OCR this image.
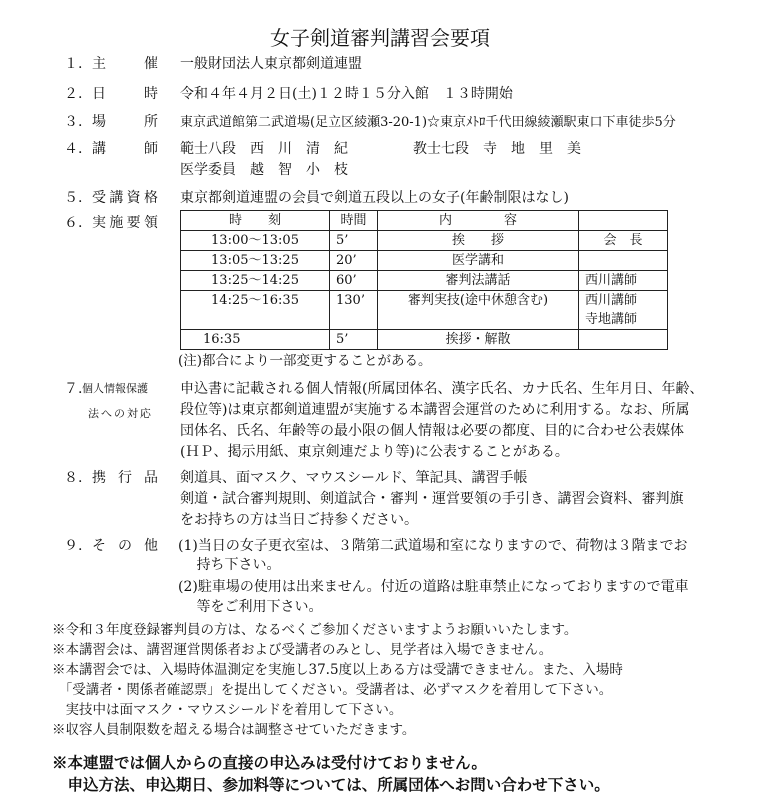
女子剣道審判講習会要項
１. 主	催 一般財団法人東京都剣道連盟
２. 日	時 令和４年４月２日(土)１２時１５分入館　１３時開始
３. 場	所 東京武道館第二武道場(足立区綾瀬3-20-1)☆東京ﾒﾄﾛ千代田線綾瀬駅東口下車徒歩5分
４. 講	師 範士八段　西　川　清　紀	教士七段　寺　地　里　美
医学委員　越　智　小　枝
５. 受 講 資 格 東京都剣道連盟の会員で剣道五段以上の女子(年齢制限はなし)
６. 実 施 要 領	時　　刻	時間	内　　　　容	
13:00～13:05	5’	挨　　拶	会　長
13:05～13:25	20’	医学講和	
13:25～14:25	60’	審判法講話	西川講師
14:25～16:35	130’	審判実技(途中休憩含む)	西川講師
寺地講師

16:35	5’	挨拶・解散	
(注)都合により一部変更することがある。
７. 個人情報保護
法への対応
申込書に記載される個人情報(所属団体名、漢字氏名、カナ氏名、生年月日、年齢、
段位等)は東京都剣道連盟が実施する本講習会運営のために利用する。なお、所属
団体名、氏名、年齢等の最小限の個人情報は必要の都度、目的に合わせ公表媒体
(ＨＰ、掲示用紙、東京剣連だより等)に公表することがある。
８. 携 行 品 剣道具、面マスク、マウスシールド、筆記具、講習手帳
剣道・試合審判規則、剣道試合・審判・運営要領の手引き、講習会資料、審判旗
をお持ちの方は当日ご持参ください。
９. そ の 他 (1)当日の女子更衣室は、３階第二武道場和室になりますので、荷物は３階までお
　 持ち下さい。
(2)駐車場の使用は出来ません。付近の道路は駐車禁止になっておりますので電車
　 等をご利用下さい。
※令和３年度登録審判員の方は、なるべくご参加くださいますようお願いいたします。
※本講習会は、講習運営関係者および受講者のみとし、見学者は入場できません。
※本講習会では、入場時体温測定を実施し37.5度以上ある方は受講できません。また、入場時
　「受講者・関係者確認票」を提出してください。受講者は、必ずマスクを着用して下さい。
　実技中は面マスク・マウスシールドを着用して下さい。
※収容人員制限数を超える場合は調整させていただきます。
※本連盟では個人からの直接の申込みは受付けておりません。
　申込方法、申込期日、参加料等については、所属団体へお問い合わせ下さい。
